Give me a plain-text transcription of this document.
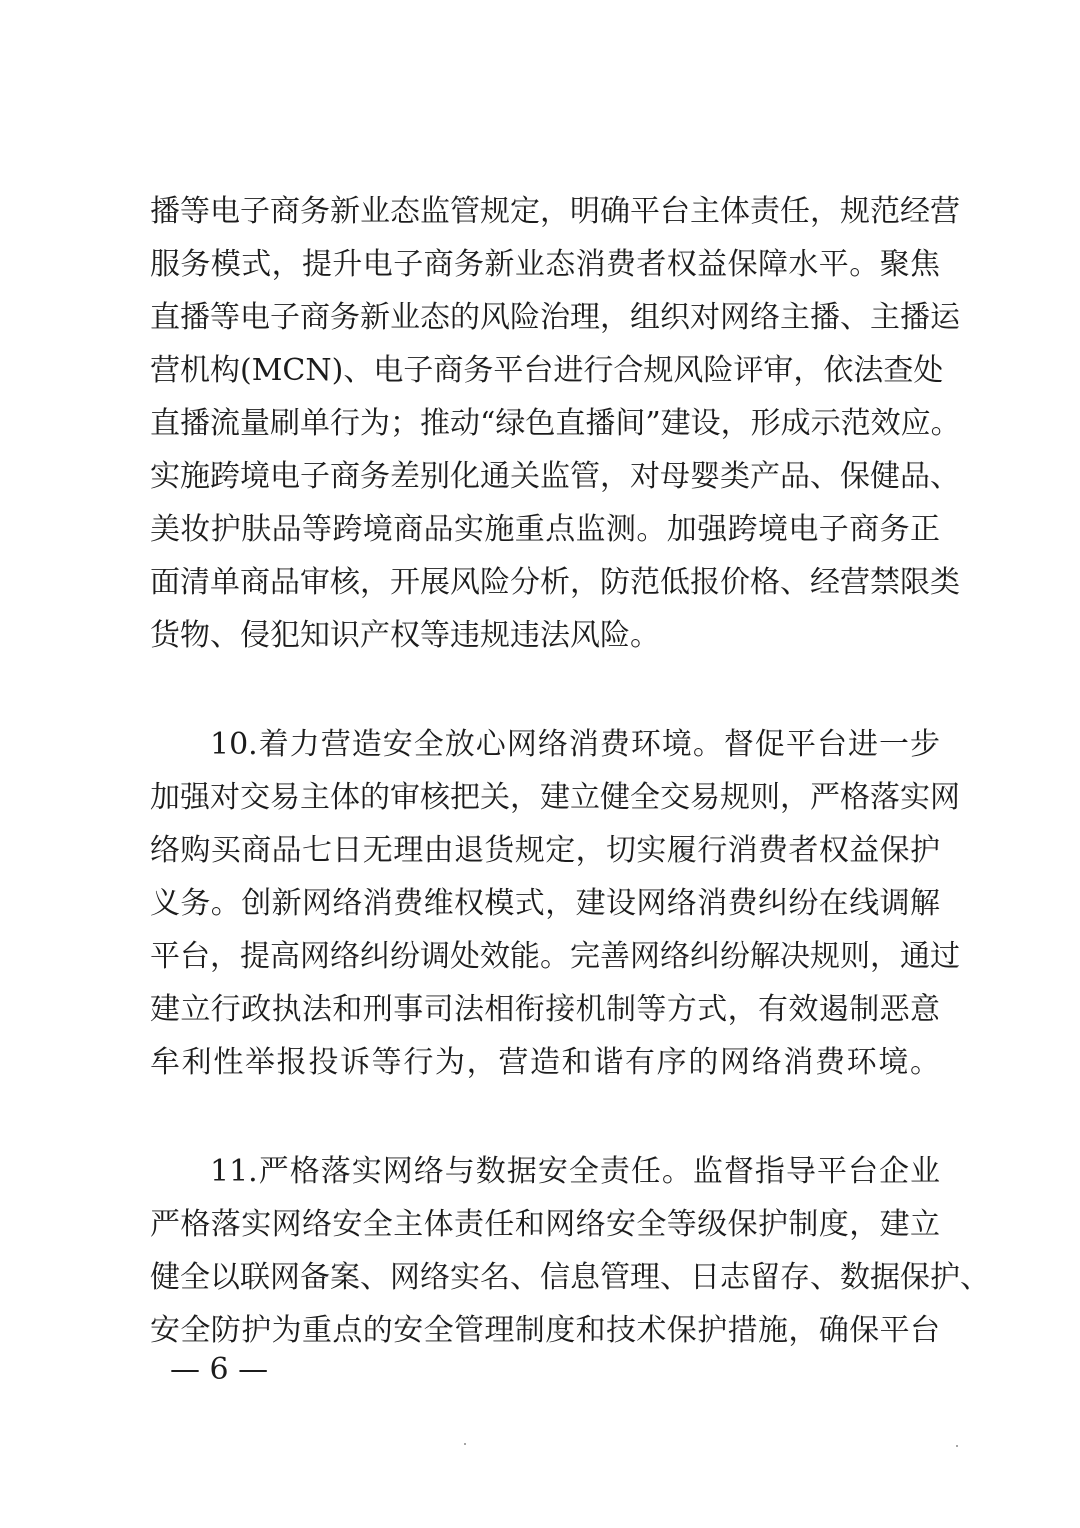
播等电子商务新业态监管规定，明确平台主体责任，规范经营
服务模式，提升电子商务新业态消费者权益保障水平。聚焦
直播等电子商务新业态的风险治理，组织对网络主播、主播运
营机构(MCN)、电子商务平台进行合规风险评审，依法查处
直播流量刷单行为；推动“绿色直播间”建设，形成示范效应。
实施跨境电子商务差别化通关监管，对母婴类产品、保健品、
美妆护肤品等跨境商品实施重点监测。加强跨境电子商务正
面清单商品审核，开展风险分析，防范低报价格、经营禁限类
货物、侵犯知识产权等违规违法风险。
10.着力营造安全放心网络消费环境。督促平台进一步
加强对交易主体的审核把关，建立健全交易规则，严格落实网
络购买商品七日无理由退货规定，切实履行消费者权益保护
义务。创新网络消费维权模式，建设网络消费纠纷在线调解
平台，提高网络纠纷调处效能。完善网络纠纷解决规则，通过
建立行政执法和刑事司法相衔接机制等方式，有效遏制恶意
牟利性举报投诉等行为，营造和谐有序的网络消费环境。
11.严格落实网络与数据安全责任。监督指导平台企业
严格落实网络安全主体责任和网络安全等级保护制度，建立
健全以联网备案、网络实名、信息管理、日志留存、数据保护、
安全防护为重点的安全管理制度和技术保护措施，确保平台
— 6 —
